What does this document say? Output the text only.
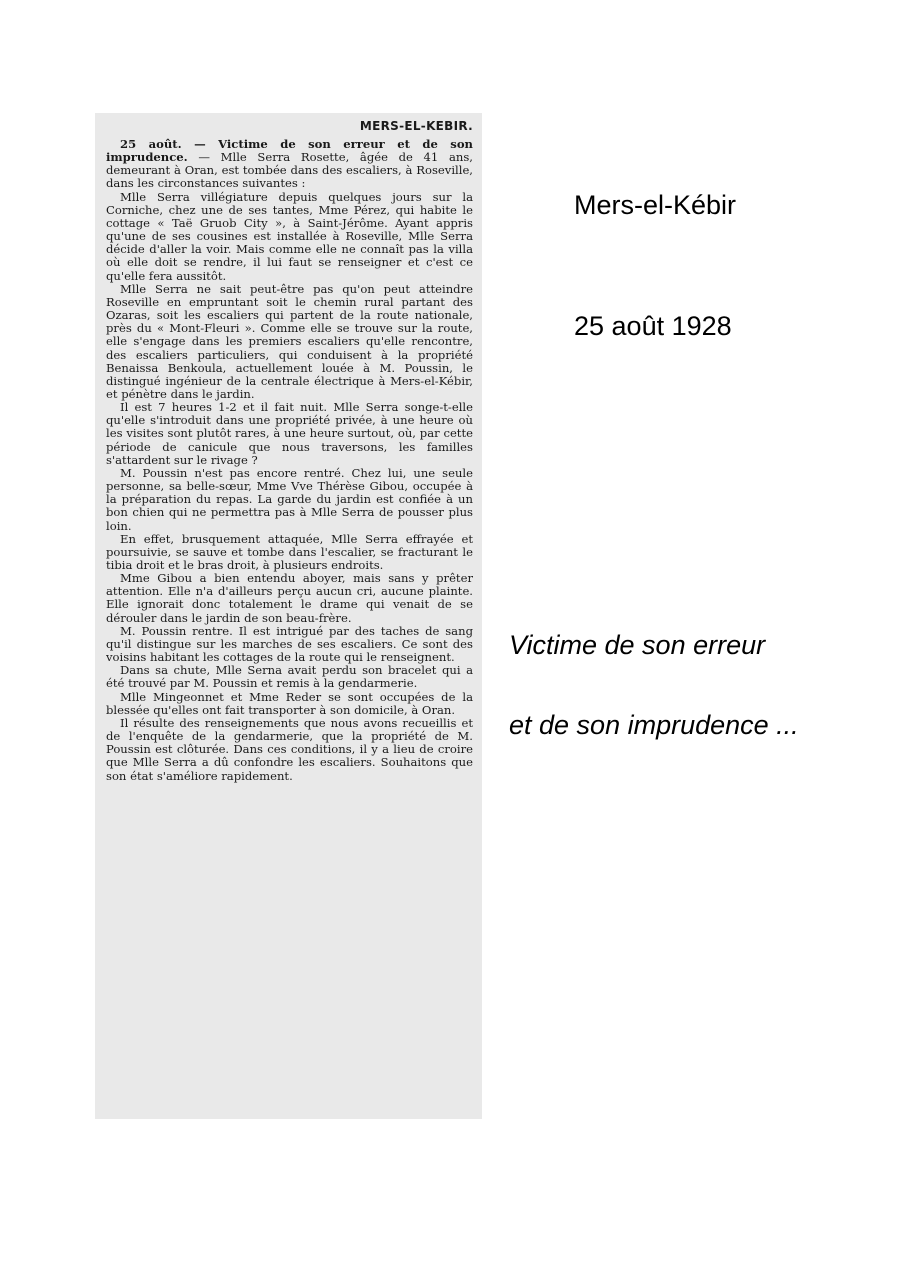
MERS-EL-KEBIR.

25 août. — Victime de son erreur et de son imprudence. — Mlle Serra Rosette, âgée de 41 ans, demeurant à Oran, est tombée dans des escaliers, à Roseville, dans les circonstances suivantes :

Mlle Serra villégiature depuis quelques jours sur la Corniche, chez une de ses tantes, Mme Pérez, qui habite le cottage « Taë Gruob City », à Saint-Jérôme. Ayant appris qu'une de ses cousines est installée à Roseville, Mlle Serra décide d'aller la voir. Mais comme elle ne connaît pas la villa où elle doit se rendre, il lui faut se renseigner et c'est ce qu'elle fera aussitôt.

Mlle Serra ne sait peut-être pas qu'on peut atteindre Roseville en empruntant soit le chemin rural partant des Ozaras, soit les escaliers qui partent de la route nationale, près du « Mont-Fleuri ». Comme elle se trouve sur la route, elle s'engage dans les premiers escaliers qu'elle rencontre, des escaliers particuliers, qui conduisent à la propriété Benaissa Benkoula, actuellement louée à M. Poussin, le distingué ingénieur de la centrale électrique à Mers-el-Kébir, et pénètre dans le jardin.

Il est 7 heures 1-2 et il fait nuit. Mlle Serra songe-t-elle qu'elle s'introduit dans une propriété privée, à une heure où les visites sont plutôt rares, à une heure surtout, où, par cette période de canicule que nous traversons, les familles s'attardent sur le rivage ?

M. Poussin n'est pas encore rentré. Chez lui, une seule personne, sa belle-sœur, Mme Vve Thérèse Gibou, occupée à la préparation du repas. La garde du jardin est confiée à un bon chien qui ne permettra pas à Mlle Serra de pousser plus loin.

En effet, brusquement attaquée, Mlle Serra effrayée et poursuivie, se sauve et tombe dans l'escalier, se fracturant le tibia droit et le bras droit, à plusieurs endroits.

Mme Gibou a bien entendu aboyer, mais sans y prêter attention. Elle n'a d'ailleurs perçu aucun cri, aucune plainte. Elle ignorait donc totalement le drame qui venait de se dérouler dans le jardin de son beau-frère.

M. Poussin rentre. Il est intrigué par des taches de sang qu'il distingue sur les marches de ses escaliers. Ce sont des voisins habitant les cottages de la route qui le renseignent.

Dans sa chute, Mlle Serna avait perdu son bracelet qui a été trouvé par M. Poussin et remis à la gendarmerie.

Mlle Mingeonnet et Mme Reder se sont occupées de la blessée qu'elles ont fait transporter à son domicile, à Oran.

Il résulte des renseignements que nous avons recueillis et de l'enquête de la gendarmerie, que la propriété de M. Poussin est clôturée. Dans ces conditions, il y a lieu de croire que Mlle Serra a dû confondre les escaliers. Souhaitons que son état s'améliore rapidement.

Mers-el-Kébir
25 août 1928
Victime de son erreur
et de son imprudence ...
